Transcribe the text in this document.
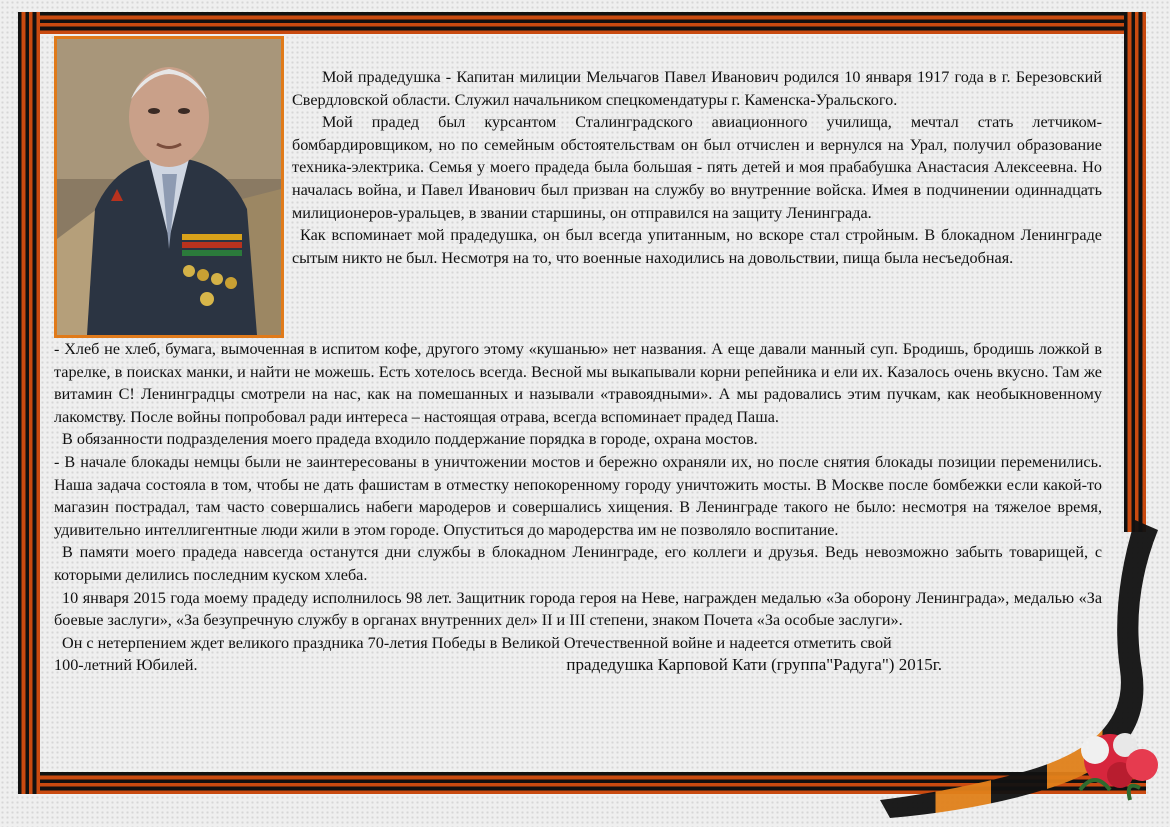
Мой прадедушка - Капитан милиции Мельчагов Павел Иванович родился 10 января 1917 года в г. Березовский Свердловской области. Служил начальником спецкомендатуры г. Каменска-Уральского.

Мой прадед был курсантом Сталинградского авиационного училища, мечтал стать летчиком-бомбардировщиком, но по семейным обстоятельствам он был отчислен и вернулся на Урал, получил образование техника-электрика. Семья у моего прадеда была большая - пять детей и моя прабабушка Анастасия Алексеевна. Но началась война, и Павел Иванович был призван на службу во внутренние войска. Имея в подчинении одиннадцать милиционеров-уральцев, в звании старшины, он отправился на защиту Ленинграда.

Как вспоминает мой прадедушка, он был всегда упитанным, но вскоре стал стройным. В блокадном Ленинграде сытым никто не был. Несмотря на то, что военные находились на довольствии, пища была несъедобная.

- Хлеб не хлеб, бумага, вымоченная в испитом кофе, другого этому «кушанью» нет названия. А еще давали манный суп. Бродишь, бродишь ложкой в тарелке, в поисках манки, и найти не можешь. Есть хотелось всегда. Весной мы выкапывали корни репейника и ели их. Казалось очень вкусно. Там же витамин С! Ленинградцы смотрели на нас, как на помешанных и называли «травоядными». А мы радовались этим пучкам, как необыкновенному лакомству. После войны попробовал ради интереса – настоящая отрава, всегда вспоминает прадед Паша.

В обязанности подразделения моего прадеда входило поддержание порядка в городе, охрана мостов.

- В начале блокады немцы были не заинтересованы в уничтожении мостов и бережно охраняли их, но после снятия блокады позиции переменились. Наша задача состояла в том, чтобы не дать фашистам в отместку непокоренному городу уничтожить мосты. В Москве после бомбежки если какой-то магазин пострадал, там часто совершались набеги мародеров и совершались хищения. В Ленинграде такого не было: несмотря на тяжелое время, удивительно интеллигентные люди жили в этом городе. Опуститься до мародерства им не позволяло воспитание.

В памяти моего прадеда навсегда останутся дни службы в блокадном Ленинграде, его коллеги и друзья. Ведь невозможно забыть товарищей, с которыми делились последним куском хлеба.

10 января 2015 года моему прадеду исполнилось 98 лет. Защитник города героя на Неве, награжден медалью «За оборону Ленинграда», медалью «За боевые заслуги», «За безупречную службу в органах внутренних дел» II и III степени, знаком Почета «За особые заслуги».

Он с нетерпением ждет великого праздника 70-летия Победы в Великой Отечественной войне и надеется отметить свой

100-летний Юбилей.	прадедушка Карповой Кати (группа"Радуга") 2015г.
